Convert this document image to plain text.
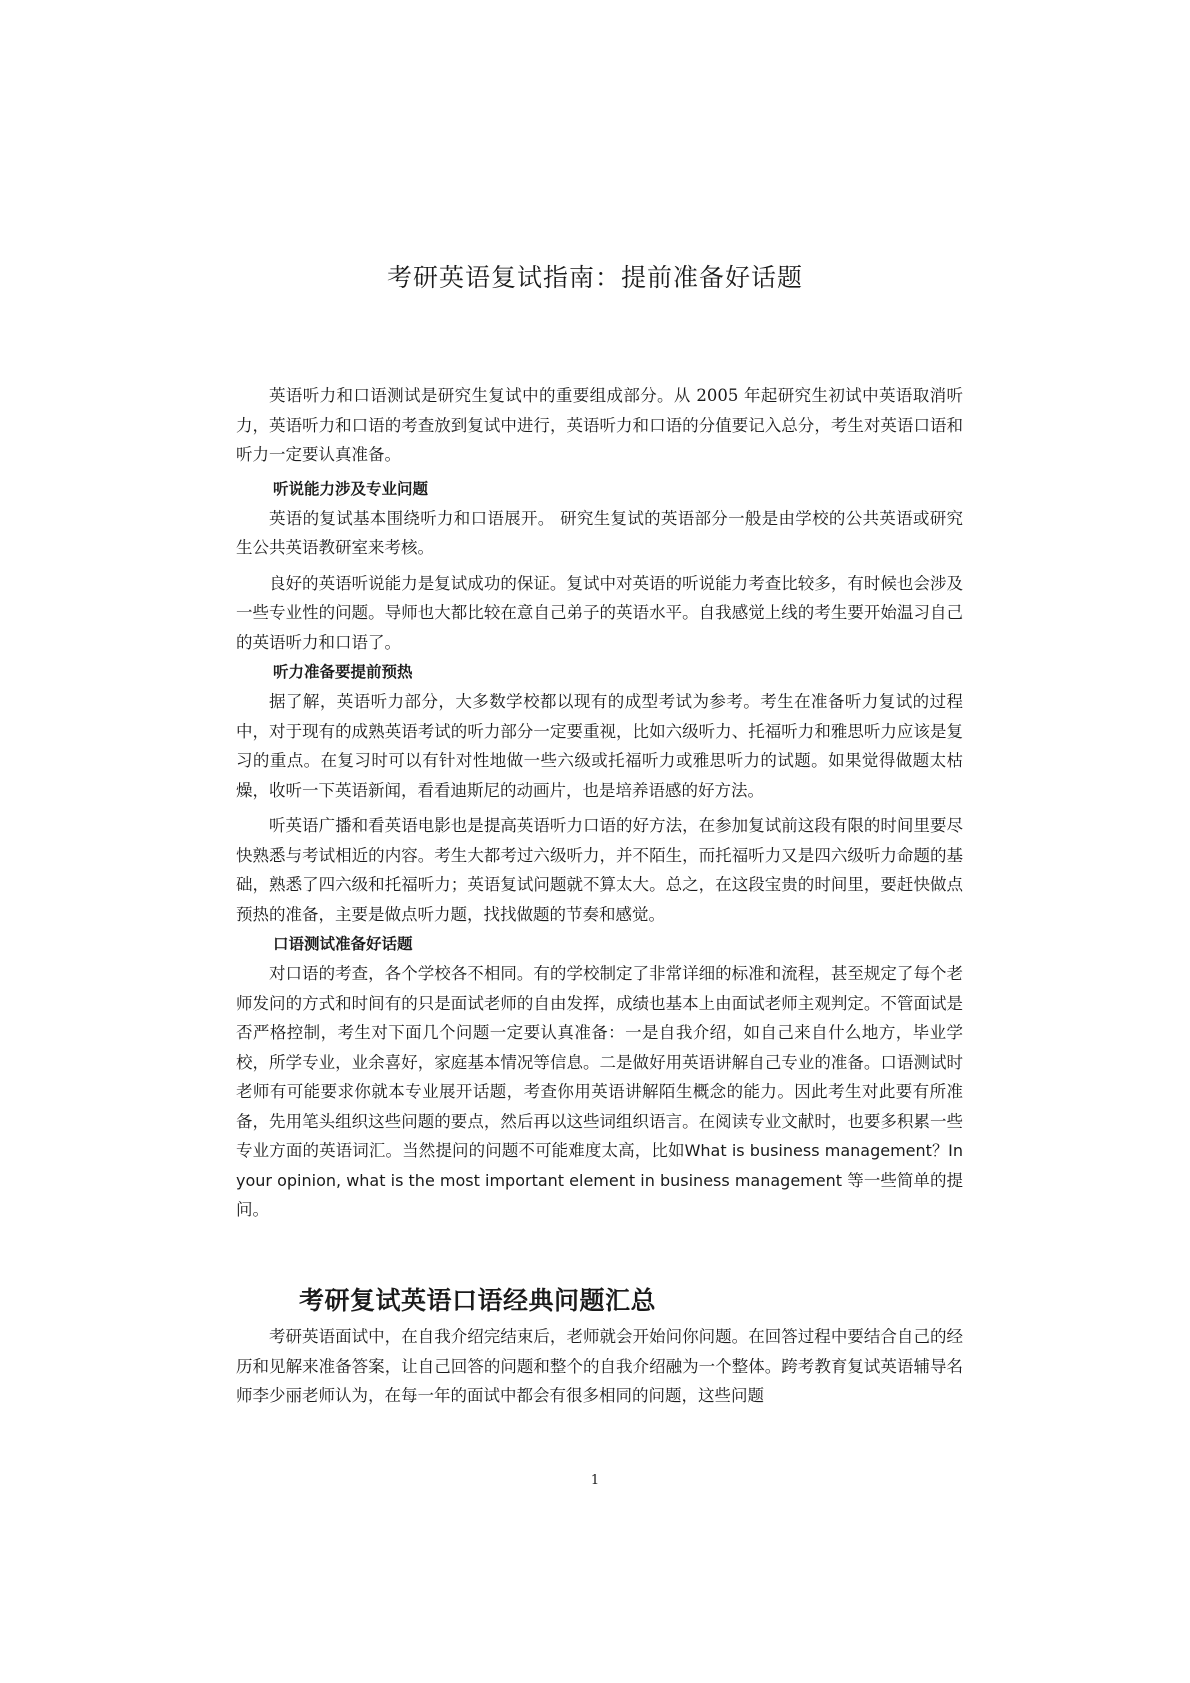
考研英语复试指南：提前准备好话题

英语听力和口语测试是研究生复试中的重要组成部分。从 2005 年起研究生初试中英语取消听力，英语听力和口语的考查放到复试中进行，英语听力和口语的分值要记入总分，考生对英语口语和听力一定要认真准备。

听说能力涉及专业问题

英语的复试基本围绕听力和口语展开。 研究生复试的英语部分一般是由学校的公共英语或研究生公共英语教研室来考核。

良好的英语听说能力是复试成功的保证。复试中对英语的听说能力考查比较多，有时候也会涉及一些专业性的问题。导师也大都比较在意自己弟子的英语水平。自我感觉上线的考生要开始温习自己的英语听力和口语了。

听力准备要提前预热

据了解，英语听力部分，大多数学校都以现有的成型考试为参考。考生在准备听力复试的过程中，对于现有的成熟英语考试的听力部分一定要重视，比如六级听力、托福听力和雅思听力应该是复习的重点。在复习时可以有针对性地做一些六级或托福听力或雅思听力的试题。如果觉得做题太枯燥，收听一下英语新闻，看看迪斯尼的动画片，也是培养语感的好方法。

听英语广播和看英语电影也是提高英语听力口语的好方法，在参加复试前这段有限的时间里要尽快熟悉与考试相近的内容。考生大都考过六级听力，并不陌生，而托福听力又是四六级听力命题的基础，熟悉了四六级和托福听力；英语复试问题就不算太大。总之，在这段宝贵的时间里，要赶快做点预热的准备，主要是做点听力题，找找做题的节奏和感觉。

口语测试准备好话题

对口语的考查，各个学校各不相同。有的学校制定了非常详细的标准和流程，甚至规定了每个老师发问的方式和时间有的只是面试老师的自由发挥，成绩也基本上由面试老师主观判定。不管面试是否严格控制，考生对下面几个问题一定要认真准备：一是自我介绍，如自己来自什么地方，毕业学校，所学专业，业余喜好，家庭基本情况等信息。二是做好用英语讲解自己专业的准备。口语测试时老师有可能要求你就本专业展开话题，考查你用英语讲解陌生概念的能力。因此考生对此要有所准备，先用笔头组织这些问题的要点，然后再以这些词组织语言。在阅读专业文献时，也要多积累一些专业方面的英语词汇。当然提问的问题不可能难度太高，比如What is business management？In your opinion, what is the most important element in business management 等一些简单的提问。

考研复试英语口语经典问题汇总

考研英语面试中，在自我介绍完结束后，老师就会开始问你问题。在回答过程中要结合自己的经历和见解来准备答案，让自己回答的问题和整个的自我介绍融为一个整体。跨考教育复试英语辅导名师李少丽老师认为，在每一年的面试中都会有很多相同的问题，这些问题

1
